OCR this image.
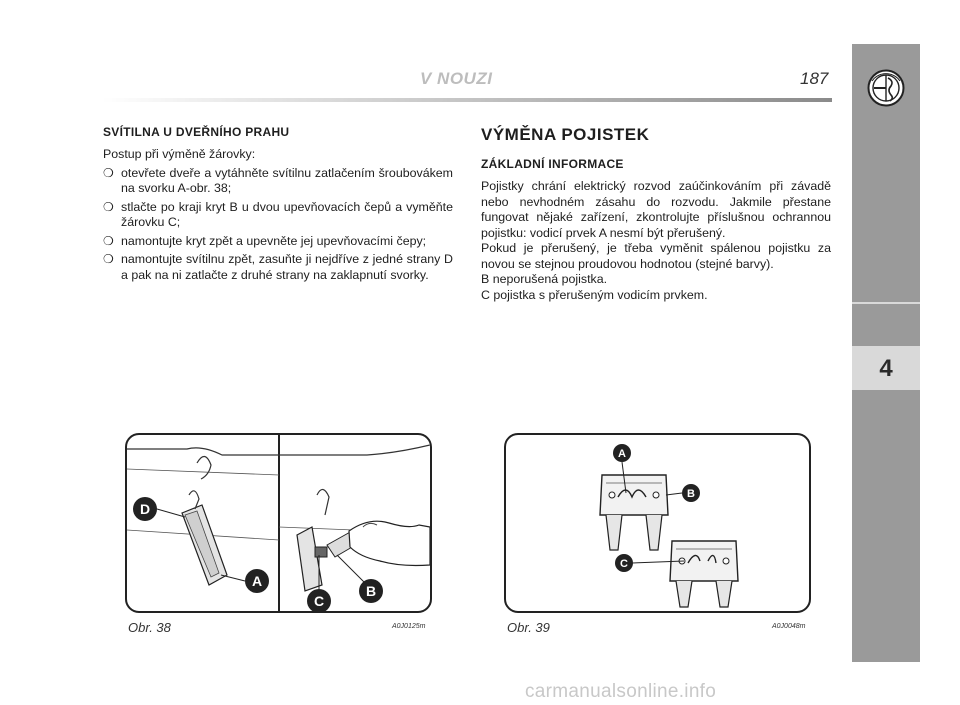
4
V NOUZI	187
SVÍTILNA U DVEŘNÍHO PRAHU

Postup při výměně žárovky:

❍ otevřete dveře a vytáhněte svítilnu zatlačením šroubovákem na svorku A-obr. 38;
❍ stlačte po kraji kryt B u dvou upevňovacích čepů a vyměňte žárovku C;
❍ namontujte kryt zpět a upevněte jej upevňovacími čepy;
❍ namontujte svítilnu zpět, zasuňte ji nejdříve z jedné strany D a pak na ni zatlačte z druhé strany na zaklapnutí svorky.
VÝMĚNA POJISTEK
ZÁKLADNÍ INFORMACE

Pojistky chrání elektrický rozvod zaúčinkováním při závadě nebo nevhodném zásahu do rozvodu. Jakmile přestane fungovat nějaké zařízení, zkontrolujte příslušnou ochrannou pojistku: vodicí prvek A nesmí být přerušený.

Pokud je přerušený, je třeba vyměnit spálenou pojistku za novou se stejnou proudovou hodnotou (stejné barvy).

B neporušená pojistka.

C pojistka s přerušeným vodicím prvkem.

D
A
C
B
Obr. 38	A0J0125m
A
B
C
Obr. 39	A0J0048m
carmanualsonline.info
